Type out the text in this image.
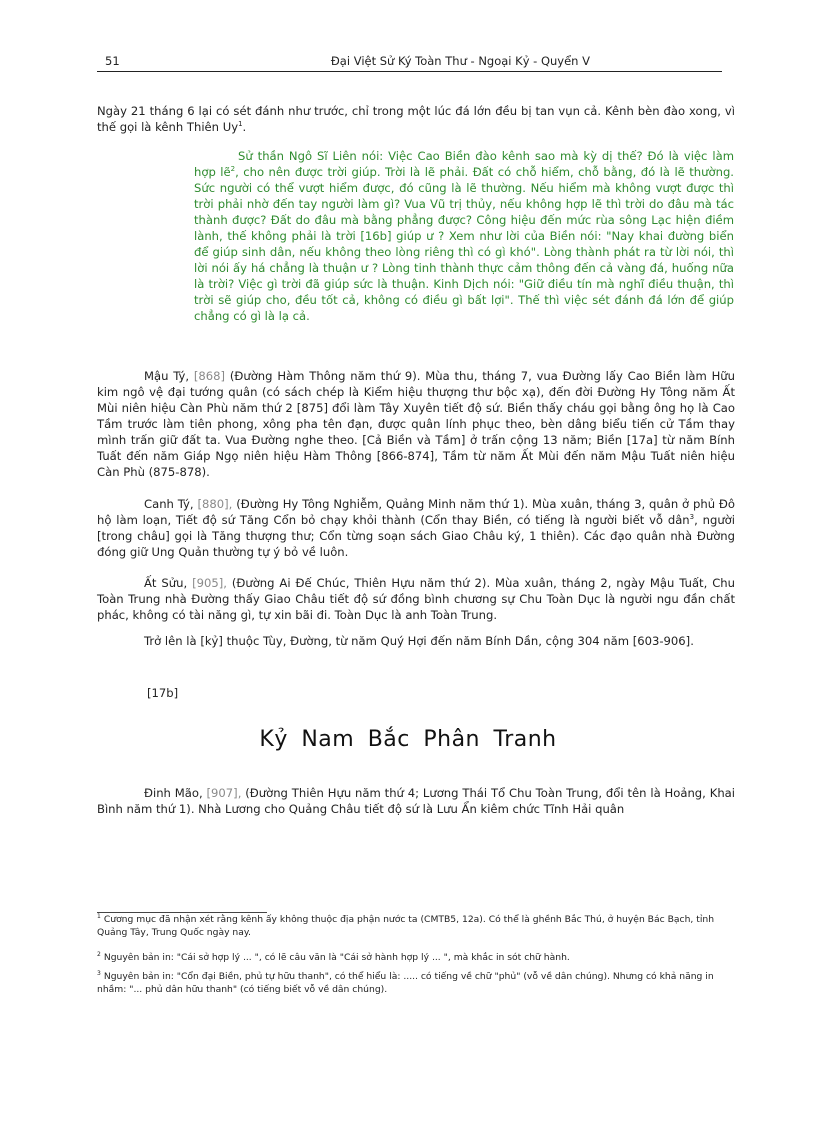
51	Đại Việt Sử Ký Toàn Thư - Ngoại Kỷ - Quyển V

Ngày 21 tháng 6 lại có sét đánh như trước, chỉ trong một lúc đá lớn đều bị tan vụn cả. Kênh bèn đào xong, vì thế gọi là kênh Thiên Uy$^1$.

Sử thần Ngô Sĩ Liên nói: Việc Cao Biền đào kênh sao mà kỳ dị thế? Đó là việc làm hợp lẽ$^2$, cho nên được trời giúp. Trời là lẽ phải. Đất có chỗ hiểm, chỗ bằng, đó là lẽ thường. Sức người có thể vượt hiểm được, đó cũng là lẽ thường. Nếu hiểm mà không vượt được thì trời phải nhờ đến tay người làm gì? Vua Vũ trị thủy, nếu không hợp lẽ thì trời do đâu mà tác thành được? Đất do đâu mà bằng phẳng được? Công hiệu đến mức rùa sông Lạc hiện điềm lành, thế không phải là trời [16b] giúp ư ? Xem như lời của Biền nói: "Nay khai đường biển để giúp sinh dân, nếu không theo lòng riêng thì có gì khó". Lòng thành phát ra từ lời nói, thì lời nói ấy há chẳng là thuận ư ? Lòng tinh thành thực cảm thông đến cả vàng đá, huống nữa là trời? Việc gì trời đã giúp sức là thuận. Kinh Dịch nói: "Giữ điều tín mà nghĩ điều thuận, thì trời sẽ giúp cho, đều tốt cả, không có điều gì bất lợi". Thế thì việc sét đánh đá lớn để giúp chẳng có gì là lạ cả.

Mậu Tý, [868] (Đường Hàm Thông năm thứ 9). Mùa thu, tháng 7, vua Đường lấy Cao Biền làm Hữu kim ngô vệ đại tướng quân (có sách chép là Kiểm hiệu thượng thư bộc xạ), đến đời Đường Hy Tông năm Ất Mùi niên hiệu Càn Phù năm thứ 2 [875] đổi làm Tây Xuyên tiết độ sứ. Biền thấy cháu gọi bằng ông họ là Cao Tầm trước làm tiên phong, xông pha tên đạn, được quân lính phục theo, bèn dâng biểu tiến cử Tầm thay mình trấn giữ đất ta. Vua Đường nghe theo. [Cả Biền và Tầm] ở trấn cộng 13 năm; Biền [17a] từ năm Bính Tuất đến năm Giáp Ngọ niên hiệu Hàm Thông [866-874], Tầm từ năm Ất Mùi đến năm Mậu Tuất niên hiệu Càn Phù (875-878).

Canh Tý, [880], (Đường Hy Tông Nghiễm, Quảng Minh năm thứ 1). Mùa xuân, tháng 3, quân ở phủ Đô hộ làm loạn, Tiết độ sứ Tăng Cổn bỏ chạy khỏi thành (Cổn thay Biền, có tiếng là người biết vỗ dân$^3$, người [trong châu] gọi là Tăng thượng thư; Cổn từng soạn sách Giao Châu ký, 1 thiên). Các đạo quân nhà Đường đóng giữ Ung Quản thường tự ý bỏ về luôn.

Ất Sửu, [905], (Đường Ai Đế Chúc, Thiên Hựu năm thứ 2). Mùa xuân, tháng 2, ngày Mậu Tuất, Chu Toàn Trung nhà Đường thấy Giao Châu tiết độ sứ đồng bình chương sự Chu Toàn Dục là người ngu đần chất phác, không có tài năng gì, tự xin bãi đi. Toàn Dục là anh Toàn Trung.

Trở lên là [kỷ] thuộc Tùy, Đường, từ năm Quý Hợi đến năm Bính Dần, cộng 304 năm [603-906].

[17b]
Kỷ Nam Bắc Phân Tranh

Đinh Mão, [907], (Đường Thiên Hựu năm thứ 4; Lương Thái Tổ Chu Toàn Trung, đổi tên là Hoảng, Khai Bình năm thứ 1). Nhà Lương cho Quảng Châu tiết độ sứ là Lưu Ẩn kiêm chức Tĩnh Hải quân

$^1$ Cương mục đã nhận xét rằng kênh ấy không thuộc địa phận nước ta (CMTB5, 12a). Có thể là ghềnh Bắc Thú, ở huyện Bác Bạch, tỉnh Quảng Tây, Trung Quốc ngày nay.

$^2$ Nguyên bản in: "Cái sở hợp lý ... ", có lẽ câu văn là "Cái sở hành hợp lý ... ", mà khắc in sót chữ hành.

$^3$ Nguyên bản in: "Cổn đại Biền, phủ tự hữu thanh", có thể hiểu là: ..... có tiếng về chữ "phủ" (vỗ về dân chúng). Nhưng có khả năng in nhầm: "... phủ dân hữu thanh" (có tiếng biết vỗ về dân chúng).
